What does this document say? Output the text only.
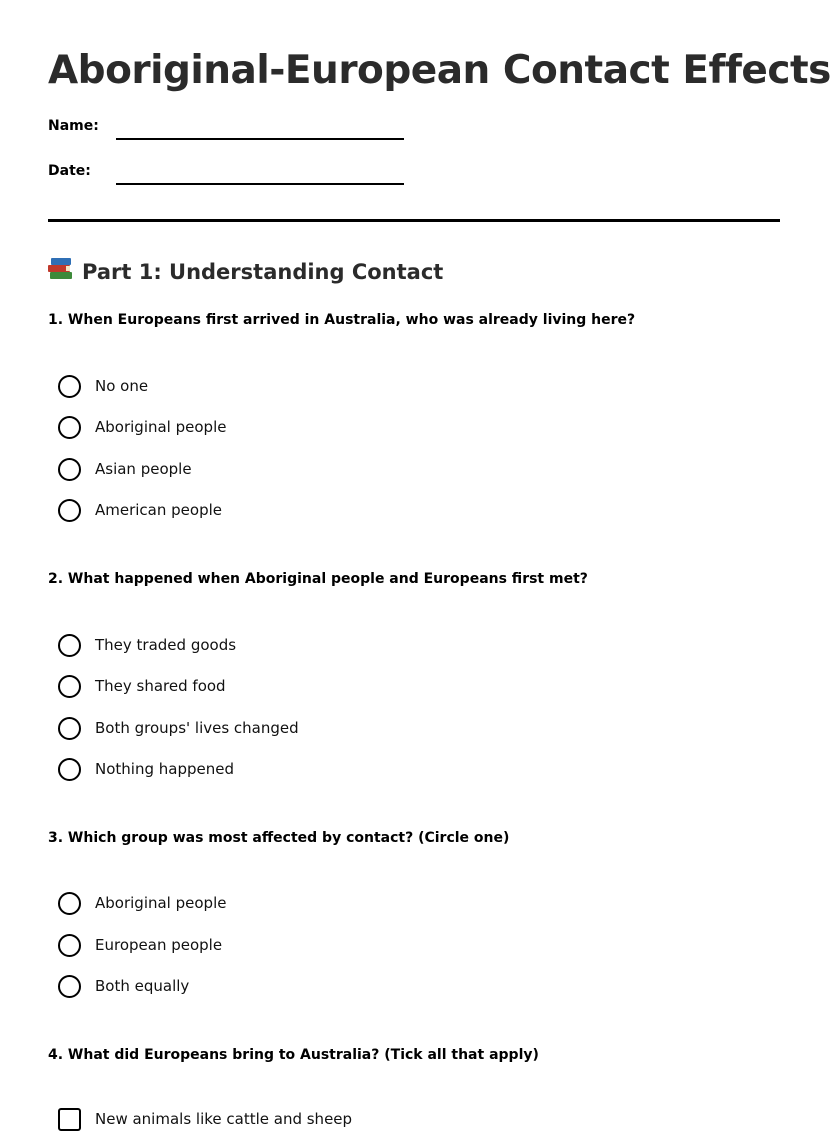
Aboriginal-European Contact Effects
Name:
Date:
Part 1: Understanding Contact
1. When Europeans first arrived in Australia, who was already living here?
No one
Aboriginal people
Asian people
American people
2. What happened when Aboriginal people and Europeans first met?
They traded goods
They shared food
Both groups' lives changed
Nothing happened
3. Which group was most affected by contact? (Circle one)
Aboriginal people
European people
Both equally
4. What did Europeans bring to Australia? (Tick all that apply)
New animals like cattle and sheep
